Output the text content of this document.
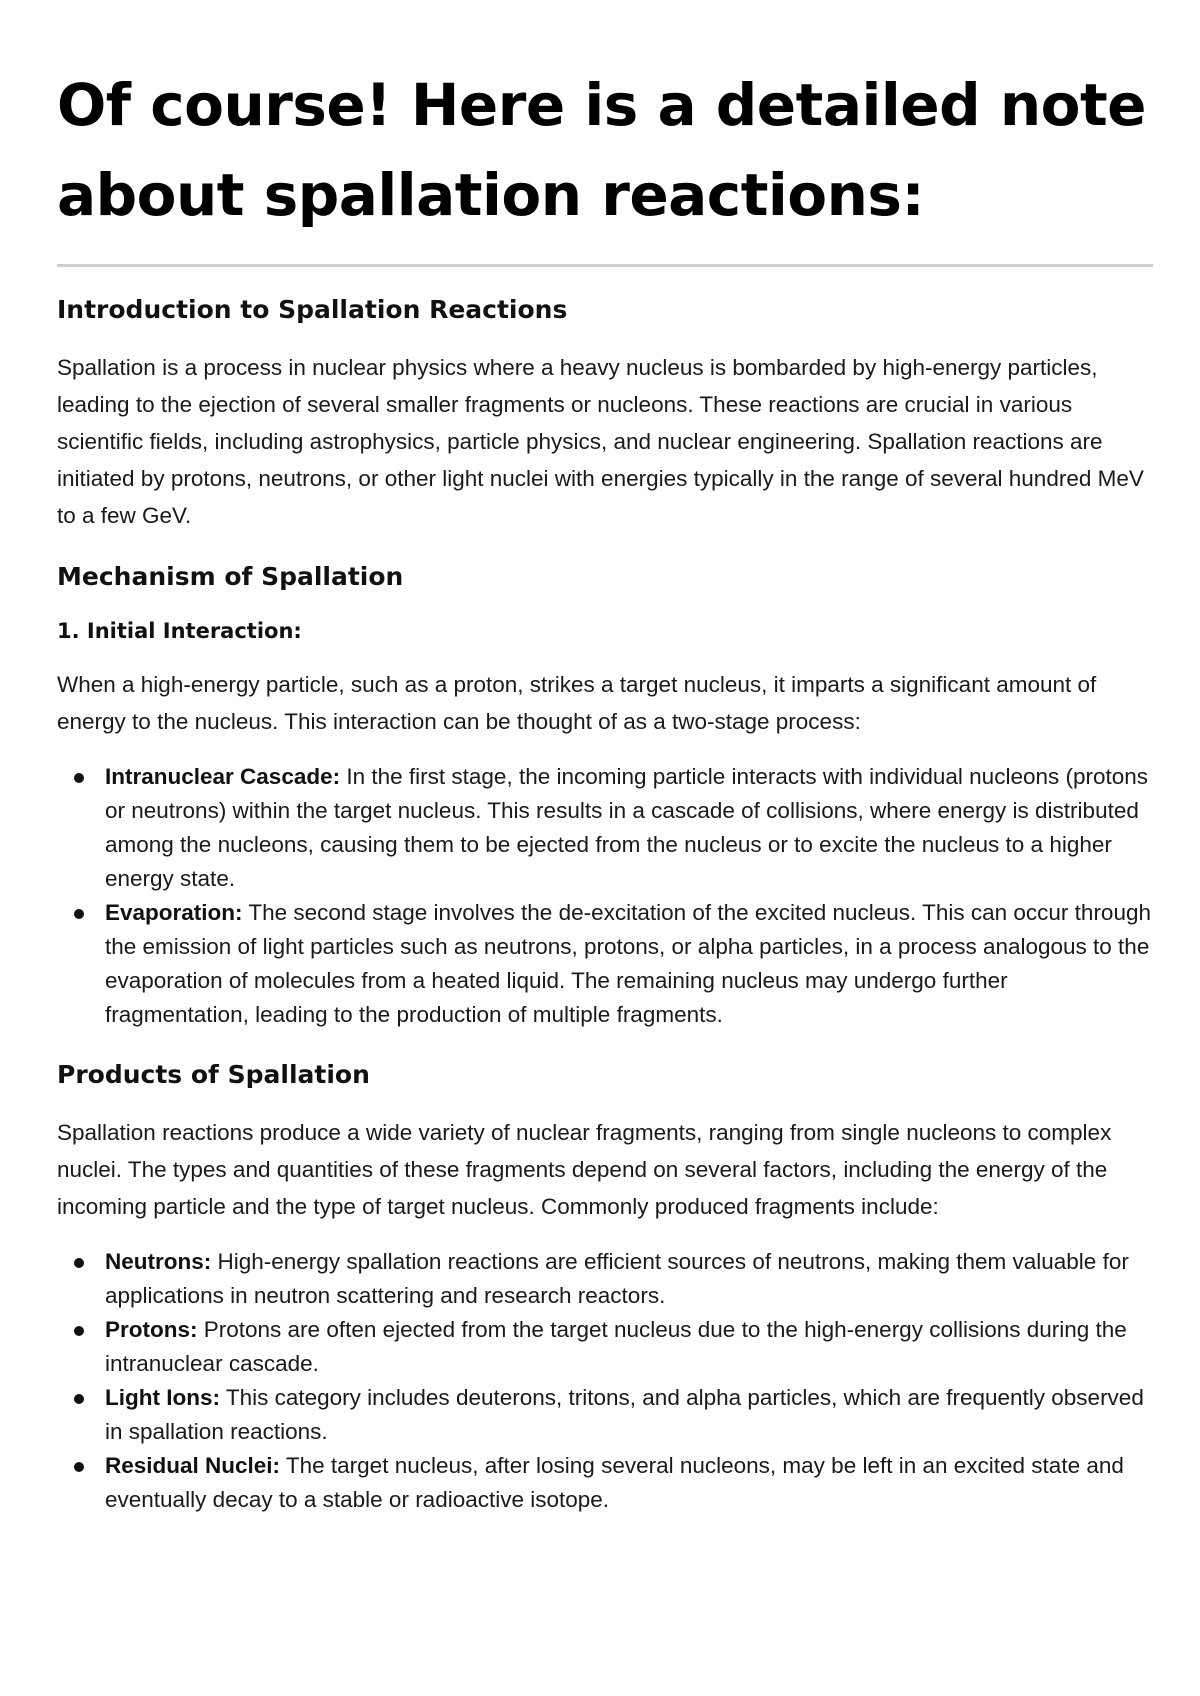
Of course! Here is a detailed note about spallation reactions:
Introduction to Spallation Reactions

Spallation is a process in nuclear physics where a heavy nucleus is bombarded by high-energy particles, leading to the ejection of several smaller fragments or nucleons. These reactions are crucial in various scientific fields, including astrophysics, particle physics, and nuclear engineering. Spallation reactions are initiated by protons, neutrons, or other light nuclei with energies typically in the range of several hundred MeV to a few GeV.

Mechanism of Spallation
1. Initial Interaction:

When a high-energy particle, such as a proton, strikes a target nucleus, it imparts a significant amount of energy to the nucleus. This interaction can be thought of as a two-stage process:

Intranuclear Cascade: In the first stage, the incoming particle interacts with individual nucleons (protons or neutrons) within the target nucleus. This results in a cascade of collisions, where energy is distributed among the nucleons, causing them to be ejected from the nucleus or to excite the nucleus to a higher energy state.
Evaporation: The second stage involves the de-excitation of the excited nucleus. This can occur through the emission of light particles such as neutrons, protons, or alpha particles, in a process analogous to the evaporation of molecules from a heated liquid. The remaining nucleus may undergo further fragmentation, leading to the production of multiple fragments.
Products of Spallation

Spallation reactions produce a wide variety of nuclear fragments, ranging from single nucleons to complex nuclei. The types and quantities of these fragments depend on several factors, including the energy of the incoming particle and the type of target nucleus. Commonly produced fragments include:

Neutrons: High-energy spallation reactions are efficient sources of neutrons, making them valuable for applications in neutron scattering and research reactors.
Protons: Protons are often ejected from the target nucleus due to the high-energy collisions during the intranuclear cascade.
Light Ions: This category includes deuterons, tritons, and alpha particles, which are frequently observed in spallation reactions.
Residual Nuclei: The target nucleus, after losing several nucleons, may be left in an excited state and eventually decay to a stable or radioactive isotope.
